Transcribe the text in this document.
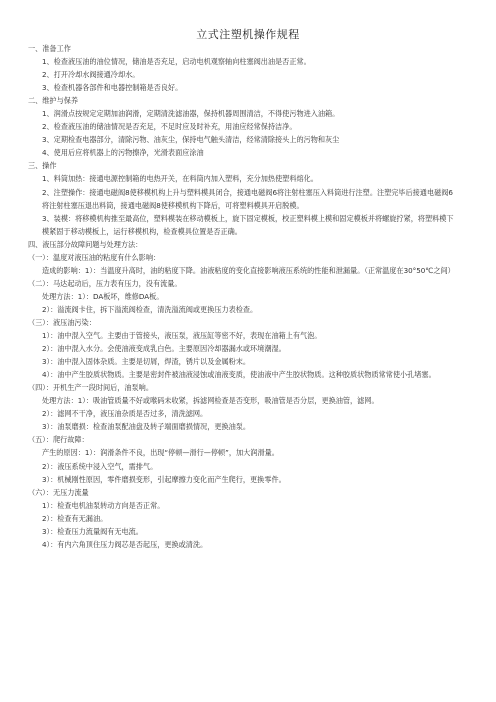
立式注塑机操作规程
一、准备工作
1、检查液压油的油位情况，储油是否充足，启动电机观察轴向柱塞阀出油是否正常。
2、打开冷却水阀接通冷却水。
3、检查机器各部件和电器控制箱是否良好。
二、维护与保养
1、润滑点按规定定期加油润滑，定期清洗滤油器，保持机器周围清洁，不得使污物进入油箱。
2、检查液压油的储油情况是否充足，不足时应及时补充，用油应经常保持洁净。
3、定期检查电器部分，清除污物、油灰尘，保持电气触头清洁，经常清除接头上的污物和灰尘
4、使用后应将机器上的污物擦净，光滑表面应涂油
三、操作
1、料筒加热：接通电源控制箱的电热开关，在料筒内加入塑料，充分加热使塑料熔化。
2、注塑操作：接通电磁阀8使移模机构上升与塑料模具闭合，接通电磁阀6将注射柱塞压入料筒进行注塑。注塑完毕后接通电磁阀6将注射柱塞压退出料筒，接通电磁阀8使移模机构下降后，可将塑料模具开启脱模。
3、装模：将移模机构推至最高位，塑料模装在移动模板上，旋下固定模板，校正塑料模上模和固定模板并将螺旋拧紧，将塑料模下模紧固于移动模板上，运行移模机构，检查模具位置是否正确。
四、液压部分故障问题与处理方法：
（一）：温度对液压油的粘度有什么影响：
造成的影响：1）：当温度升高时，油的粘度下降。油液粘度的变化直接影响液压系统的性能和泄漏量。（正常温度在30°50℃之间）
（二）：马达起动后，压力表有压力，没有流量。
处理方法：1）：DA板坏，维修DA板。
2）：溢流阀卡住，拆下溢流阀检查，清洗溢流阀或更换压力表检查。
（三）：液压油污染：
1）：油中混入空气。主要由于管接头，液压泵，液压缸等密不好，表现在油箱上有气泡。
2）：油中混入水分。会使油液变成乳白色。主要原因冷却器漏水或环境潮湿。
3）：油中混入固体杂质。主要是切屑，焊渣，锈片以及金属粉末。
4）：油中产生胶质状物质。主要是密封件被油液浸蚀或油液变质，使油液中产生胶状物质。这种胶质状物质常常使小孔堵塞。
（四）：开机生产一段时间后，油泵响。
处理方法：1）：吸油管质量不好或喉码未收紧，拆滤网检查是否变形，吸油管是否分层，更换油管，滤网。
2）：滤网不干净，液压油杂质是否过多，清洗滤网。
3）：油泵磨损：检查油泵配油盘及转子端面磨损情况，更换油泵。
（五）：爬行故障：
产生的原因：1）：润滑条件不良，出现“停顿—滑行—停顿”，加大润滑量。
2）：液压系统中浸入空气，需排气。
3）：机械刚性原因，零件磨损变形，引起摩擦力变化而产生爬行，更换零件。
（六）：无压力流量
1）：检查电机油泵转动方向是否正常。
2）：检查有无漏油。
3）：检查压力流量阀有无电流。
4）：有内六角顶住压力阀芯是否起压，更换或清洗。
